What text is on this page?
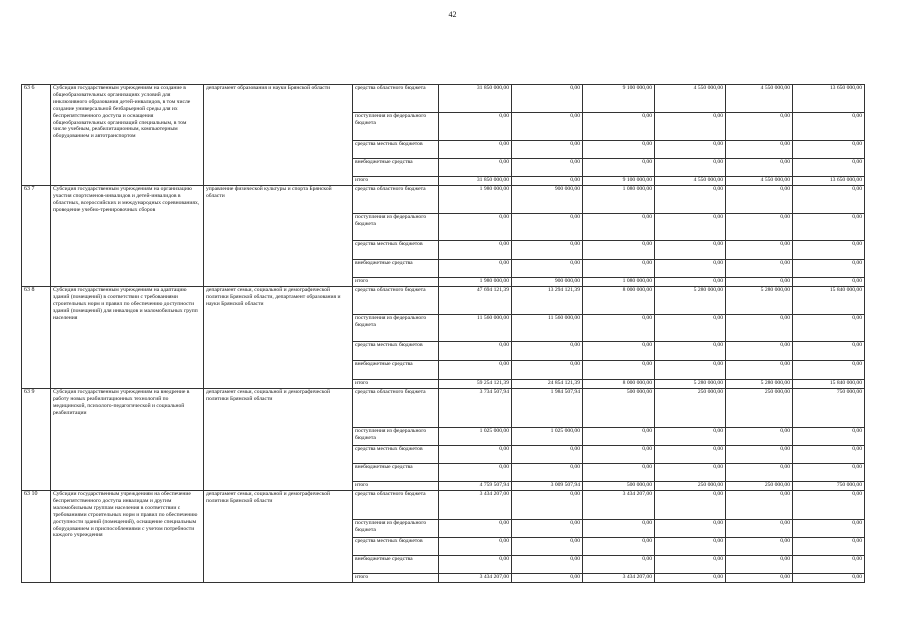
42
63 6	Субсидия государственным учреждениям на создание в общеобразовательных организациях условий для инклюзивного образования детей-инвалидов, в том числе создание универсальной безбарьерной среды для их беспрепятственного доступа и оснащения общеобразовательных организаций специальным, в том числе учебным, реабилитационным, компьютерным оборудованием и автотранспортом	департамент образования и науки Брянской области	средства областного бюджета	31 850 000,00	0,00	9 100 000,00	4 550 000,00	4 550 000,00	13 650 000,00
			поступления из федерального бюджета	0,00	0,00	0,00	0,00	0,00	0,00
			средства местных бюджетов	0,00	0,00	0,00	0,00	0,00	0,00
			внебюджетные средства	0,00	0,00	0,00	0,00	0,00	0,00
			итого	31 850 000,00	0,00	9 100 000,00	4 550 000,00	4 550 000,00	13 650 000,00
63 7	Субсидия государственным учреждениям на организацию участия спортсменов-инвалидов и детей-инвалидов в областных, всероссийских и международных соревнованиях, проведение учебно-тренировочных сборов	управление физической культуры и спорта Брянской области	средства областного бюджета	1 980 000,00	900 000,00	1 080 000,00	0,00	0,00	0,00
			поступления из федерального бюджета	0,00	0,00	0,00	0,00	0,00	0,00
			средства местных бюджетов	0,00	0,00	0,00	0,00	0,00	0,00
			внебюджетные средства	0,00	0,00	0,00	0,00	0,00	0,00
			итого	1 980 000,00	900 000,00	1 080 000,00	0,00	0,00	0,00
63 8	Субсидия государственным учреждениям на адаптацию зданий (помещений) в соответствии с требованиями строительных норм и правил по обеспечению доступности зданий (помещений) для инвалидов и маломобильных групп населения	департамент семьи, социальной и демографической политики Брянской области, департамент образования и науки Брянской области	средства областного бюджета	47 694 121,39	13 294 121,39	8 000 000,00	5 280 000,00	5 280 000,00	15 840 000,00
			поступления из федерального бюджета	11 560 000,00	11 560 000,00	0,00	0,00	0,00	0,00
			средства местных бюджетов	0,00	0,00	0,00	0,00	0,00	0,00
			внебюджетные средства	0,00	0,00	0,00	0,00	0,00	0,00
			итого	59 254 121,39	24 854 121,39	8 000 000,00	5 280 000,00	5 280 000,00	15 840 000,00
63 9	Субсидия государственным учреждениям на внедрение в работу новых реабилитационных технологий по медицинской, психолого-педагогической и социальной реабилитации	департамент семьи, социальной и демографической политики Брянской области	средства областного бюджета	3 734 507,94	1 984 507,94	500 000,00	250 000,00	250 000,00	750 000,00
			поступления из федерального бюджета	1 025 000,00	1 025 000,00	0,00	0,00	0,00	0,00
			средства местных бюджетов	0,00	0,00	0,00	0,00	0,00	0,00
			внебюджетные средства	0,00	0,00	0,00	0,00	0,00	0,00
			итого	4 759 507,94	3 009 507,94	500 000,00	250 000,00	250 000,00	750 000,00
63 10	Субсидии государственным учреждениям на обеспечение беспрепятственного доступа инвалидам и другим маломобильным группам населения в соответствии с требованиями строительных норм и правил по обеспечению доступности зданий (помещений), оснащение специальным оборудованием и приспособлениями с учетом потребности каждого учреждения	департамент семьи, социальной и демографической политики Брянской области	средства областного бюджета	3 434 207,00	0,00	3 434 207,00	0,00	0,00	0,00
			поступления из федерального бюджета	0,00	0,00	0,00	0,00	0,00	0,00
			средства местных бюджетов	0,00	0,00	0,00	0,00	0,00	0,00
			внебюджетные средства	0,00	0,00	0,00	0,00	0,00	0,00
			итого	3 434 207,00	0,00	3 434 207,00	0,00	0,00	0,00
